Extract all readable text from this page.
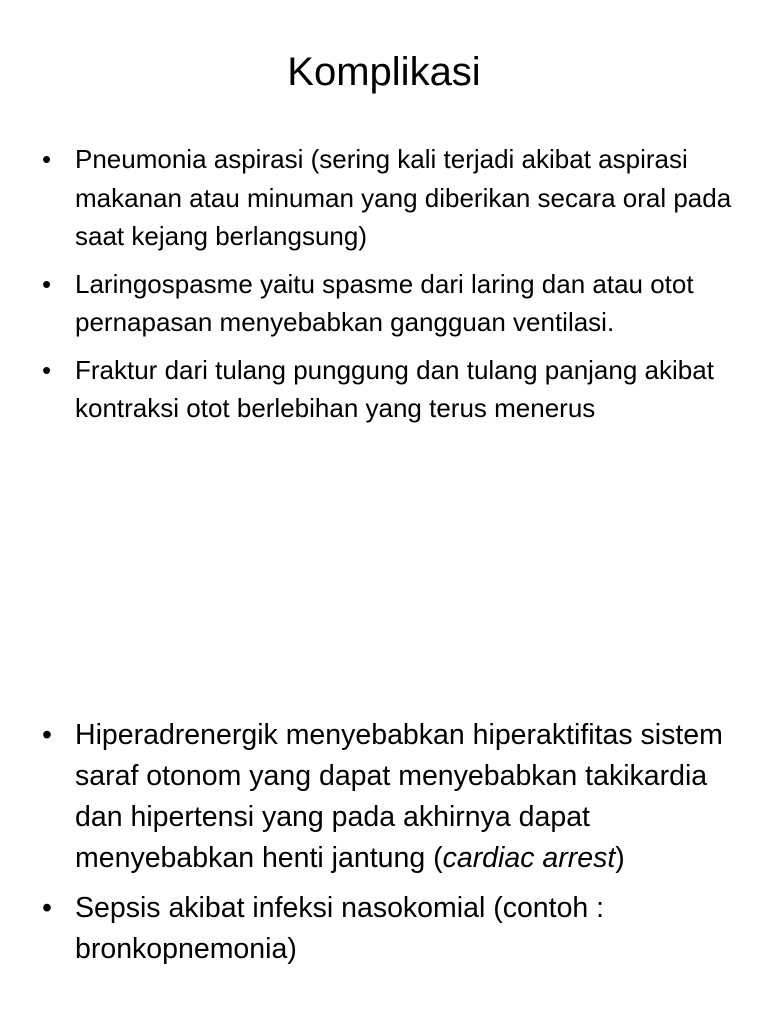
Komplikasi
• Pneumonia aspirasi (sering kali terjadi akibat aspirasi makanan atau minuman yang diberikan secara oral pada saat kejang berlangsung)
• Laringospasme yaitu spasme dari laring dan atau otot pernapasan menyebabkan gangguan ventilasi.
• Fraktur dari tulang punggung dan tulang panjang akibat kontraksi otot berlebihan yang terus menerus
• Hiperadrenergik menyebabkan hiperaktifitas sistem saraf otonom yang dapat menyebabkan takikardia dan hipertensi yang pada akhirnya dapat menyebabkan henti jantung (cardiac arrest)
• Sepsis akibat infeksi nasokomial (contoh : bronkopnemonia)
